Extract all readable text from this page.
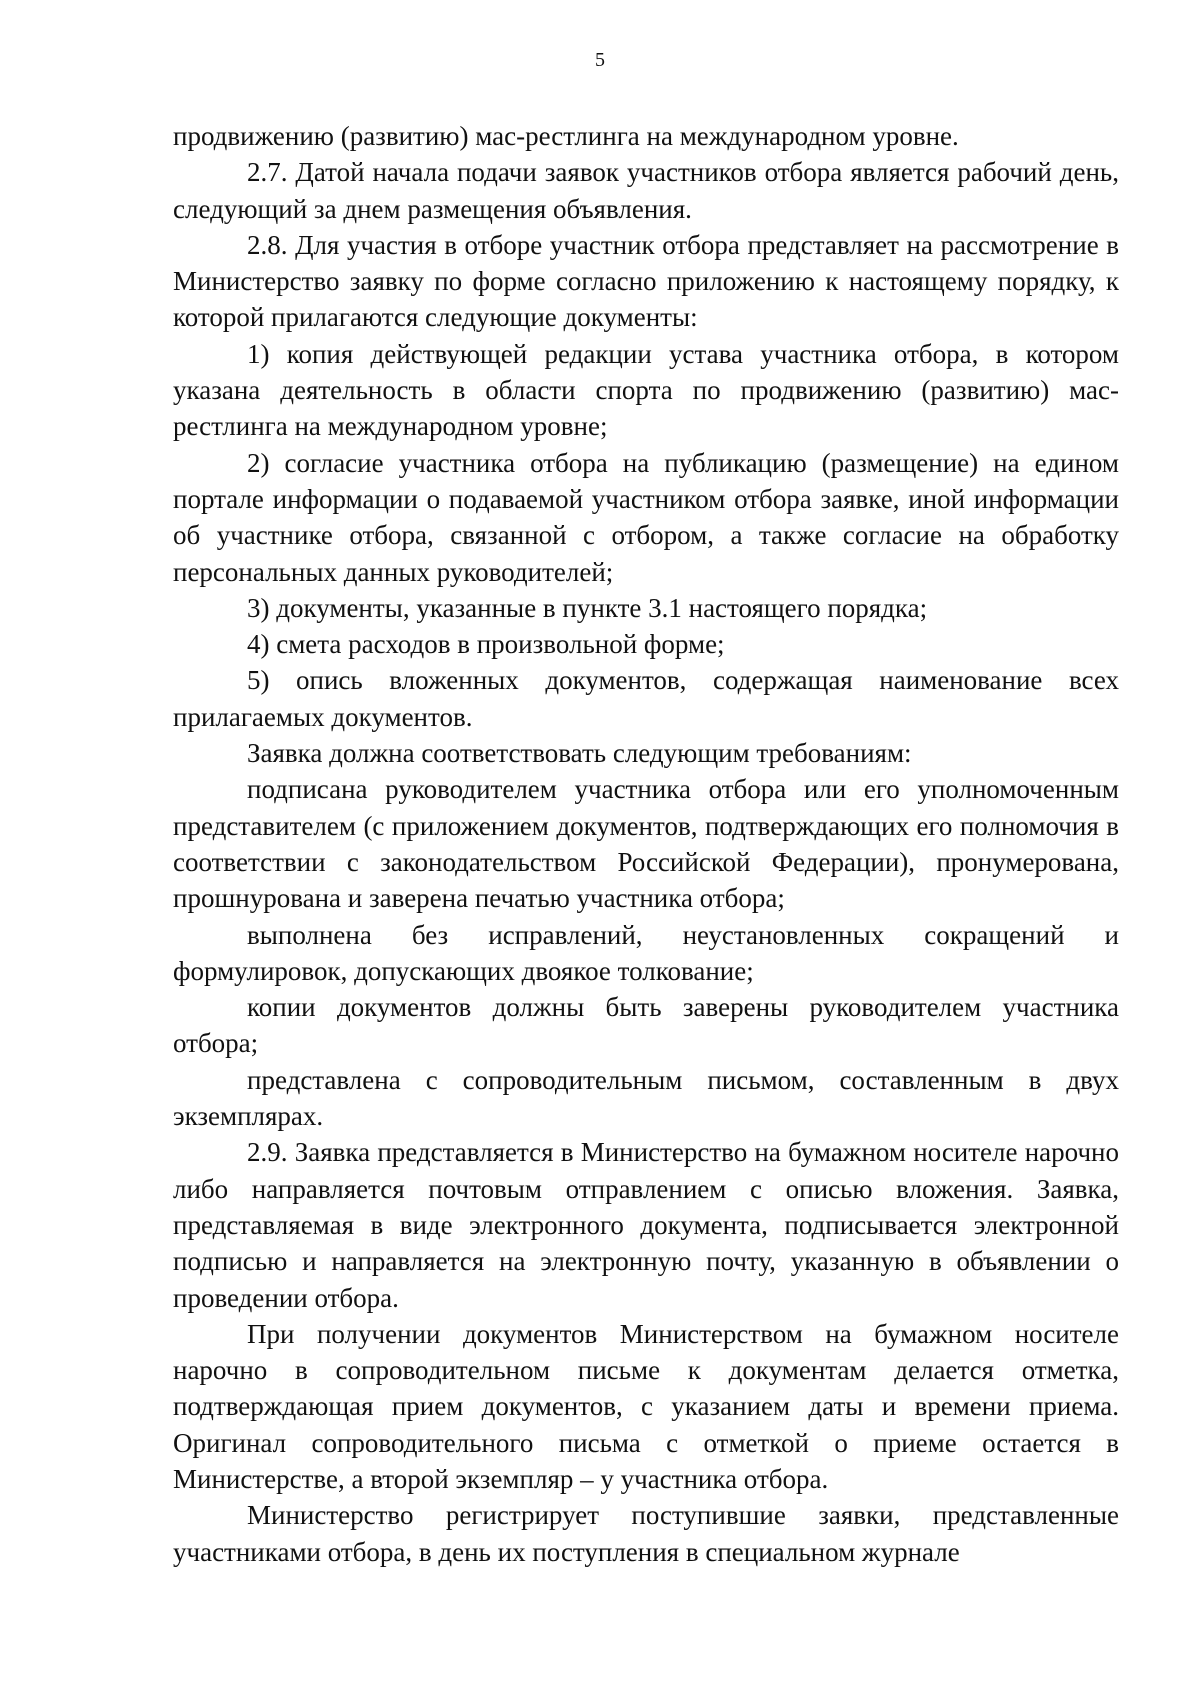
5

продвижению (развитию) мас-рестлинга на международном уровне.

2.7. Датой начала подачи заявок участников отбора является рабочий день, следующий за днем размещения объявления.

2.8. Для участия в отборе участник отбора представляет на рассмотрение в Министерство заявку по форме согласно приложению к настоящему порядку, к которой прилагаются следующие документы:

1) копия действующей редакции устава участника отбора, в котором указана деятельность в области спорта по продвижению (развитию) мас-рестлинга на международном уровне;

2) согласие участника отбора на публикацию (размещение) на едином портале информации о подаваемой участником отбора заявке, иной информации об участнике отбора, связанной с отбором, а также согласие на обработку персональных данных руководителей;

3) документы, указанные в пункте 3.1 настоящего порядка;

4) смета расходов в произвольной форме;

5) опись вложенных документов, содержащая наименование всех прилагаемых документов.

Заявка должна соответствовать следующим требованиям:

подписана руководителем участника отбора или его уполномоченным представителем (с приложением документов, подтверждающих его полномочия в соответствии с законодательством Российской Федерации), пронумерована, прошнурована и заверена печатью участника отбора;

выполнена без исправлений, неустановленных сокращений и формулировок, допускающих двоякое толкование;

копии документов должны быть заверены руководителем участника отбора;

представлена с сопроводительным письмом, составленным в двух экземплярах.

2.9. Заявка представляется в Министерство на бумажном носителе нарочно либо направляется почтовым отправлением с описью вложения. Заявка, представляемая в виде электронного документа, подписывается электронной подписью и направляется на электронную почту, указанную в объявлении о проведении отбора.

При получении документов Министерством на бумажном носителе нарочно в сопроводительном письме к документам делается отметка, подтверждающая прием документов, с указанием даты и времени приема. Оригинал сопроводительного письма с отметкой о приеме остается в Министерстве, а второй экземпляр – у участника отбора.

Министерство регистрирует поступившие заявки, представленные участниками отбора, в день их поступления в специальном журнале
